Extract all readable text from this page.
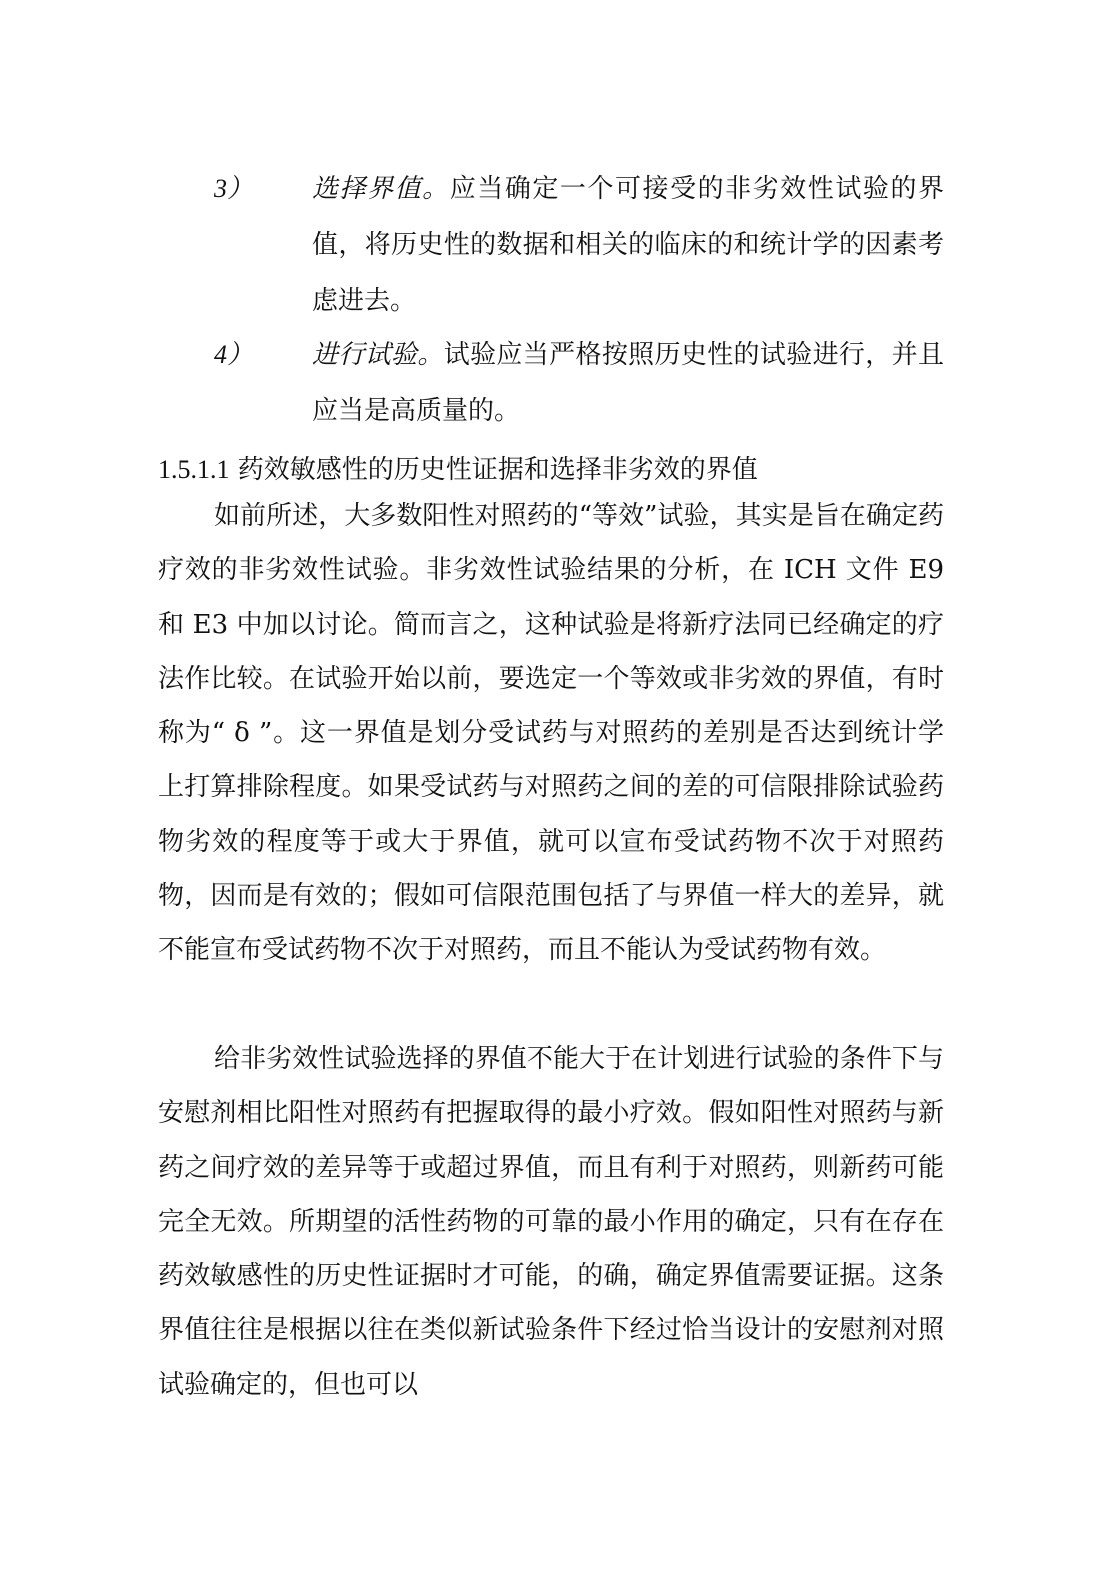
3） 选择界值。应当确定一个可接受的非劣效性试验的界值，将历史性的数据和相关的临床的和统计学的因素考虑进去。
4） 进行试验。试验应当严格按照历史性的试验进行，并且应当是高质量的。
1.5.1.1 药效敏感性的历史性证据和选择非劣效的界值

如前所述，大多数阳性对照药的“等效”试验，其实是旨在确定药疗效的非劣效性试验。非劣效性试验结果的分析，在 ICH 文件 E9 和 E3 中加以讨论。简而言之，这种试验是将新疗法同已经确定的疗法作比较。在试验开始以前，要选定一个等效或非劣效的界值，有时称为“ δ ”。这一界值是划分受试药与对照药的差别是否达到统计学上打算排除程度。如果受试药与对照药之间的差的可信限排除试验药物劣效的程度等于或大于界值，就可以宣布受试药物不次于对照药物，因而是有效的；假如可信限范围包括了与界值一样大的差异，就不能宣布受试药物不次于对照药，而且不能认为受试药物有效。

给非劣效性试验选择的界值不能大于在计划进行试验的条件下与安慰剂相比阳性对照药有把握取得的最小疗效。假如阳性对照药与新药之间疗效的差异等于或超过界值，而且有利于对照药，则新药可能完全无效。所期望的活性药物的可靠的最小作用的确定，只有在存在药效敏感性的历史性证据时才可能，的确，确定界值需要证据。这条界值往往是根据以往在类似新试验条件下经过恰当设计的安慰剂对照试验确定的，但也可以
